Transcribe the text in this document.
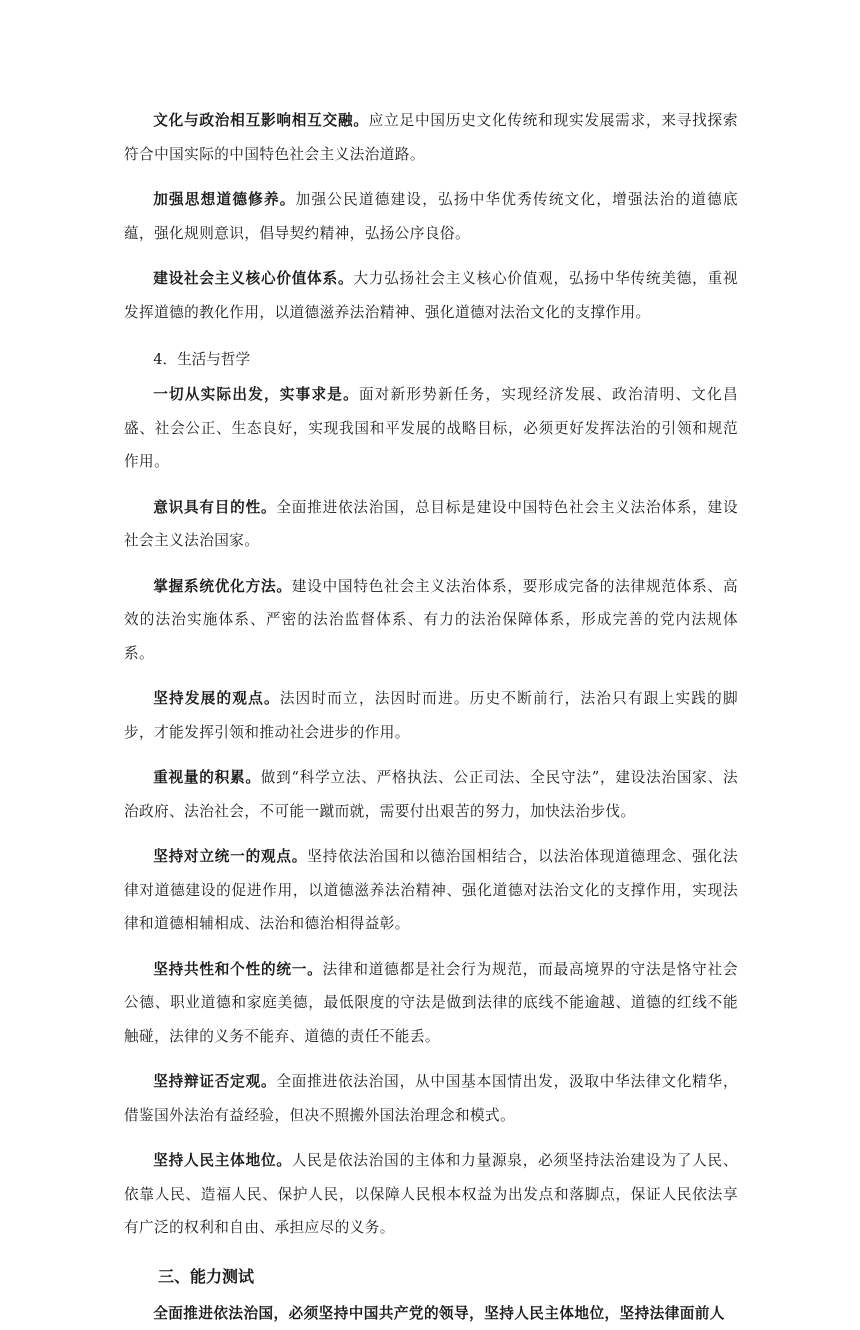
文化与政治相互影响相互交融。应立足中国历史文化传统和现实发展需求，来寻找探索符合中国实际的中国特色社会主义法治道路。

加强思想道德修养。加强公民道德建设，弘扬中华优秀传统文化，增强法治的道德底蕴，强化规则意识，倡导契约精神，弘扬公序良俗。

建设社会主义核心价值体系。大力弘扬社会主义核心价值观，弘扬中华传统美德，重视发挥道德的教化作用，以道德滋养法治精神、强化道德对法治文化的支撑作用。

4．生活与哲学

一切从实际出发，实事求是。面对新形势新任务，实现经济发展、政治清明、文化昌盛、社会公正、生态良好，实现我国和平发展的战略目标，必须更好发挥法治的引领和规范作用。

意识具有目的性。全面推进依法治国，总目标是建设中国特色社会主义法治体系，建设社会主义法治国家。

掌握系统优化方法。建设中国特色社会主义法治体系，要形成完备的法律规范体系、高效的法治实施体系、严密的法治监督体系、有力的法治保障体系，形成完善的党内法规体系。

坚持发展的观点。法因时而立，法因时而进。历史不断前行，法治只有跟上实践的脚步，才能发挥引领和推动社会进步的作用。

重视量的积累。做到“科学立法、严格执法、公正司法、全民守法”，建设法治国家、法治政府、法治社会，不可能一蹴而就，需要付出艰苦的努力，加快法治步伐。

坚持对立统一的观点。坚持依法治国和以德治国相结合，以法治体现道德理念、强化法律对道德建设的促进作用，以道德滋养法治精神、强化道德对法治文化的支撑作用，实现法律和道德相辅相成、法治和德治相得益彰。

坚持共性和个性的统一。法律和道德都是社会行为规范，而最高境界的守法是恪守社会公德、职业道德和家庭美德，最低限度的守法是做到法律的底线不能逾越、道德的红线不能触碰，法律的义务不能弃、道德的责任不能丢。

坚持辩证否定观。全面推进依法治国，从中国基本国情出发，汲取中华法律文化精华，借鉴国外法治有益经验，但决不照搬外国法治理念和模式。

坚持人民主体地位。人民是依法治国的主体和力量源泉，必须坚持法治建设为了人民、依靠人民、造福人民、保护人民，以保障人民根本权益为出发点和落脚点，保证人民依法享有广泛的权利和自由、承担应尽的义务。

三、能力测试

全面推进依法治国，必须坚持中国共产党的领导，坚持人民主体地位，坚持法律面前人
